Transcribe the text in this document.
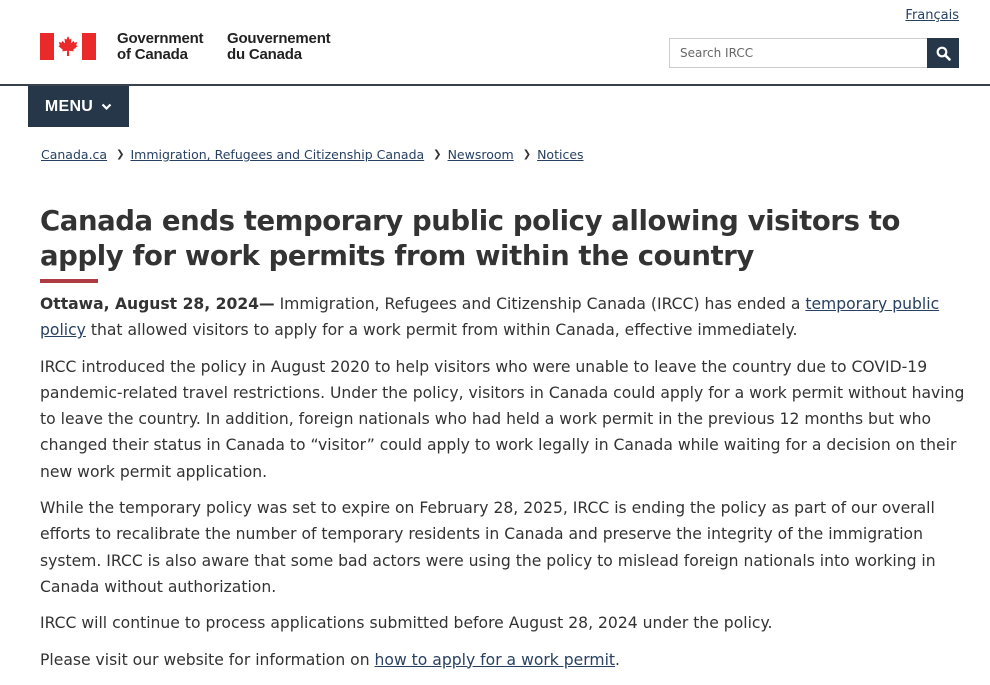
Français
Government
of Canada
Gouvernement
du Canada
Search IRCC
MENU
Canada.ca ❯ Immigration, Refugees and Citizenship Canada ❯ Newsroom ❯ Notices
Canada ends temporary public policy allowing visitors to apply for work permits from within the country

Ottawa, August 28, 2024— Immigration, Refugees and Citizenship Canada (IRCC) has ended a temporary public policy that allowed visitors to apply for a work permit from within Canada, effective immediately.

IRCC introduced the policy in August 2020 to help visitors who were unable to leave the country due to COVID-19 pandemic-related travel restrictions. Under the policy, visitors in Canada could apply for a work permit without having to leave the country. In addition, foreign nationals who had held a work permit in the previous 12 months but who changed their status in Canada to “visitor” could apply to work legally in Canada while waiting for a decision on their new work permit application.

While the temporary policy was set to expire on February 28, 2025, IRCC is ending the policy as part of our overall efforts to recalibrate the number of temporary residents in Canada and preserve the integrity of the immigration system. IRCC is also aware that some bad actors were using the policy to mislead foreign nationals into working in Canada without authorization.

IRCC will continue to process applications submitted before August 28, 2024 under the policy.

Please visit our website for information on how to apply for a work permit.
